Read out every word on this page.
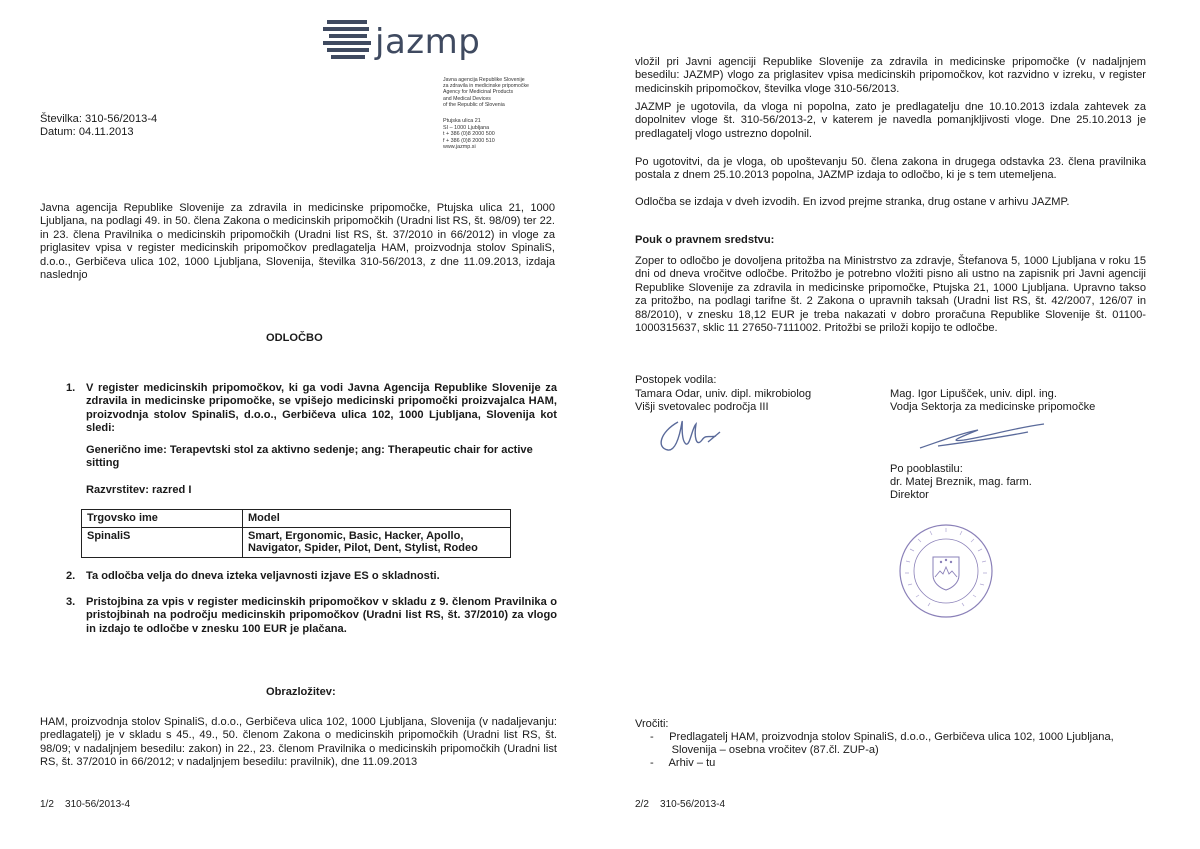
jazmp
Javna agencija Republike Slovenije
za zdravila in medicinske pripomočke
Agency for Medicinal Products
and Medical Devices
of the Republic of Slovenia
Ptujska ulica 21
SI – 1000 Ljubljana
t + 386 (0)8 2000 500
f + 386 (0)8 2000 510
www.jazmp.si
Številka: 310-56/2013-4
Datum: 04.11.2013
Javna agencija Republike Slovenije za zdravila in medicinske pripomočke, Ptujska ulica 21, 1000 Ljubljana, na podlagi 49. in 50. člena Zakona o medicinskih pripomočkih (Uradni list RS, št. 98/09) ter 22. in 23. člena Pravilnika o medicinskih pripomočkih (Uradni list RS, št. 37/2010 in 66/2012) in vloge za priglasitev vpisa v register medicinskih pripomočkov predlagatelja HAM, proizvodnja stolov SpinaliS, d.o.o., Gerbičeva ulica 102, 1000 Ljubljana, Slovenija, številka 310-56/2013, z dne 11.09.2013, izdaja naslednjo
ODLOČBO
1. V register medicinskih pripomočkov, ki ga vodi Javna Agencija Republike Slovenije za zdravila in medicinske pripomočke, se vpišejo medicinski pripomočki proizvajalca HAM, proizvodnja stolov SpinaliS, d.o.o., Gerbičeva ulica 102, 1000 Ljubljana, Slovenija kot sledi:
Generično ime: Terapevtski stol za aktivno sedenje; ang: Therapeutic chair for active sitting
Razvrstitev: razred I
Trgovsko ime	Model
SpinaliS	Smart, Ergonomic, Basic, Hacker, Apollo, Navigator, Spider, Pilot, Dent, Stylist, Rodeo
2. Ta odločba velja do dneva izteka veljavnosti izjave ES o skladnosti.
3. Pristojbina za vpis v register medicinskih pripomočkov v skladu z 9. členom Pravilnika o pristojbinah na področju medicinskih pripomočkov (Uradni list RS, št. 37/2010) za vlogo in izdajo te odločbe v znesku 100 EUR je plačana.
Obrazložitev:
HAM, proizvodnja stolov SpinaliS, d.o.o., Gerbičeva ulica 102, 1000 Ljubljana, Slovenija (v nadaljevanju: predlagatelj) je v skladu s 45., 49., 50. členom Zakona o medicinskih pripomočkih (Uradni list RS, št. 98/09; v nadaljnjem besedilu: zakon) in 22., 23. členom Pravilnika o medicinskih pripomočkih (Uradni list RS, št. 37/2010 in 66/2012; v nadaljnjem besedilu: pravilnik), dne 11.09.2013
1/2    310-56/2013-4
vložil pri Javni agenciji Republike Slovenije za zdravila in medicinske pripomočke (v nadaljnjem besedilu: JAZMP) vlogo za priglasitev vpisa medicinskih pripomočkov, kot razvidno v izreku, v register medicinskih pripomočkov, številka vloge 310-56/2013.
JAZMP je ugotovila, da vloga ni popolna, zato je predlagatelju dne 10.10.2013 izdala zahtevek za dopolnitev vloge št. 310-56/2013-2, v katerem je navedla pomanjkljivosti vloge. Dne 25.10.2013 je predlagatelj vlogo ustrezno dopolnil.
Po ugotovitvi, da je vloga, ob upoštevanju 50. člena zakona in drugega odstavka 23. člena pravilnika postala z dnem 25.10.2013 popolna, JAZMP izdaja to odločbo, ki je s tem utemeljena.
Odločba se izdaja v dveh izvodih. En izvod prejme stranka, drug ostane v arhivu JAZMP.
Pouk o pravnem sredstvu:
Zoper to odločbo je dovoljena pritožba na Ministrstvo za zdravje, Štefanova 5, 1000 Ljubljana v roku 15 dni od dneva vročitve odločbe. Pritožbo je potrebno vložiti pisno ali ustno na zapisnik pri Javni agenciji Republike Slovenije za zdravila in medicinske pripomočke, Ptujska 21, 1000 Ljubljana. Upravno takso za pritožbo, na podlagi tarifne št. 2 Zakona o upravnih taksah (Uradni list RS, št. 42/2007, 126/07 in 88/2010), v znesku 18,12 EUR je treba nakazati v dobro proračuna Republike Slovenije št. 01100-1000315637, sklic 11 27650-7111002. Pritožbi se priloži kopijo te odločbe.
Postopek vodila:
Tamara Odar, univ. dipl. mikrobiolog
Višji svetovalec področja III
Mag. Igor Lipušček, univ. dipl. ing.
Vodja Sektorja za medicinske pripomočke
Po pooblastilu:
dr. Matej Breznik, mag. farm.
Direktor
Vročiti:
-     Predlagatelj HAM, proizvodnja stolov SpinaliS, d.o.o., Gerbičeva ulica 102, 1000 Ljubljana,
Slovenija – osebna vročitev (87.čl. ZUP-a)
-     Arhiv – tu
2/2    310-56/2013-4
